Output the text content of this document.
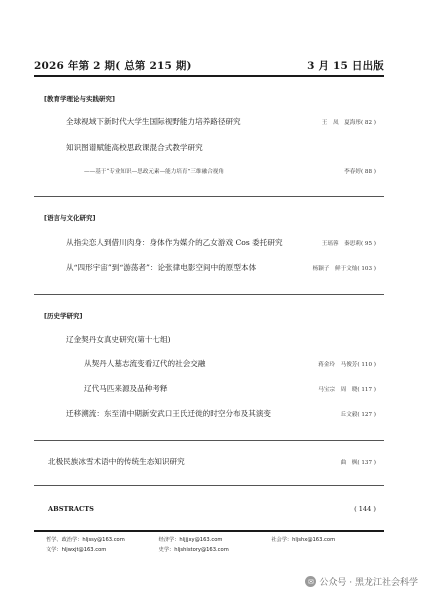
2026 年第 2 期( 总第 215 期)	3 月 15 日出版
[教育学理论与实践研究]
全球视域下新时代大学生国际视野能力培养路径研究	王　凤　夏海彤( 82 )
知识图谱赋能高校思政课混合式教学研究
——基于“专业知识—思政元素—能力培育”三维融合视角	李春婷( 88 )
[语言与文化研究]
从指尖恋人到借川肉身：身体作为媒介的乙女游戏 Cos 委托研究	王瑶蓉　秦思莉( 95 )
从“四形宇宙”到“游荡者”：论张律电影空间中的原型本体	杨颖子　鲜于文灿( 103 )
[历史学研究]
辽金契丹女真史研究(第十七组)
从契丹人墓志流变看辽代的社会交融	蒋金玲　马俊芳( 110 )
辽代马匹来源及品种考释	马宝宗　周　晓( 117 )
迁移溯流：东至清中期新安武口王氏迁徙的时空分布及其演变	丘文毅( 127 )
北极民族冰雪术语中的传统生态知识研究	曲　枫( 137 )
ABSTRACTS	( 144 )
哲学、政治学：hljssy@163.com	经济学：hljjjxy@163.com	社会学：hljshx@163.com
文学：hljwxjt@163.com	史学：hljshistory@163.com
✉ 公众号 · 黑龙江社会科学
